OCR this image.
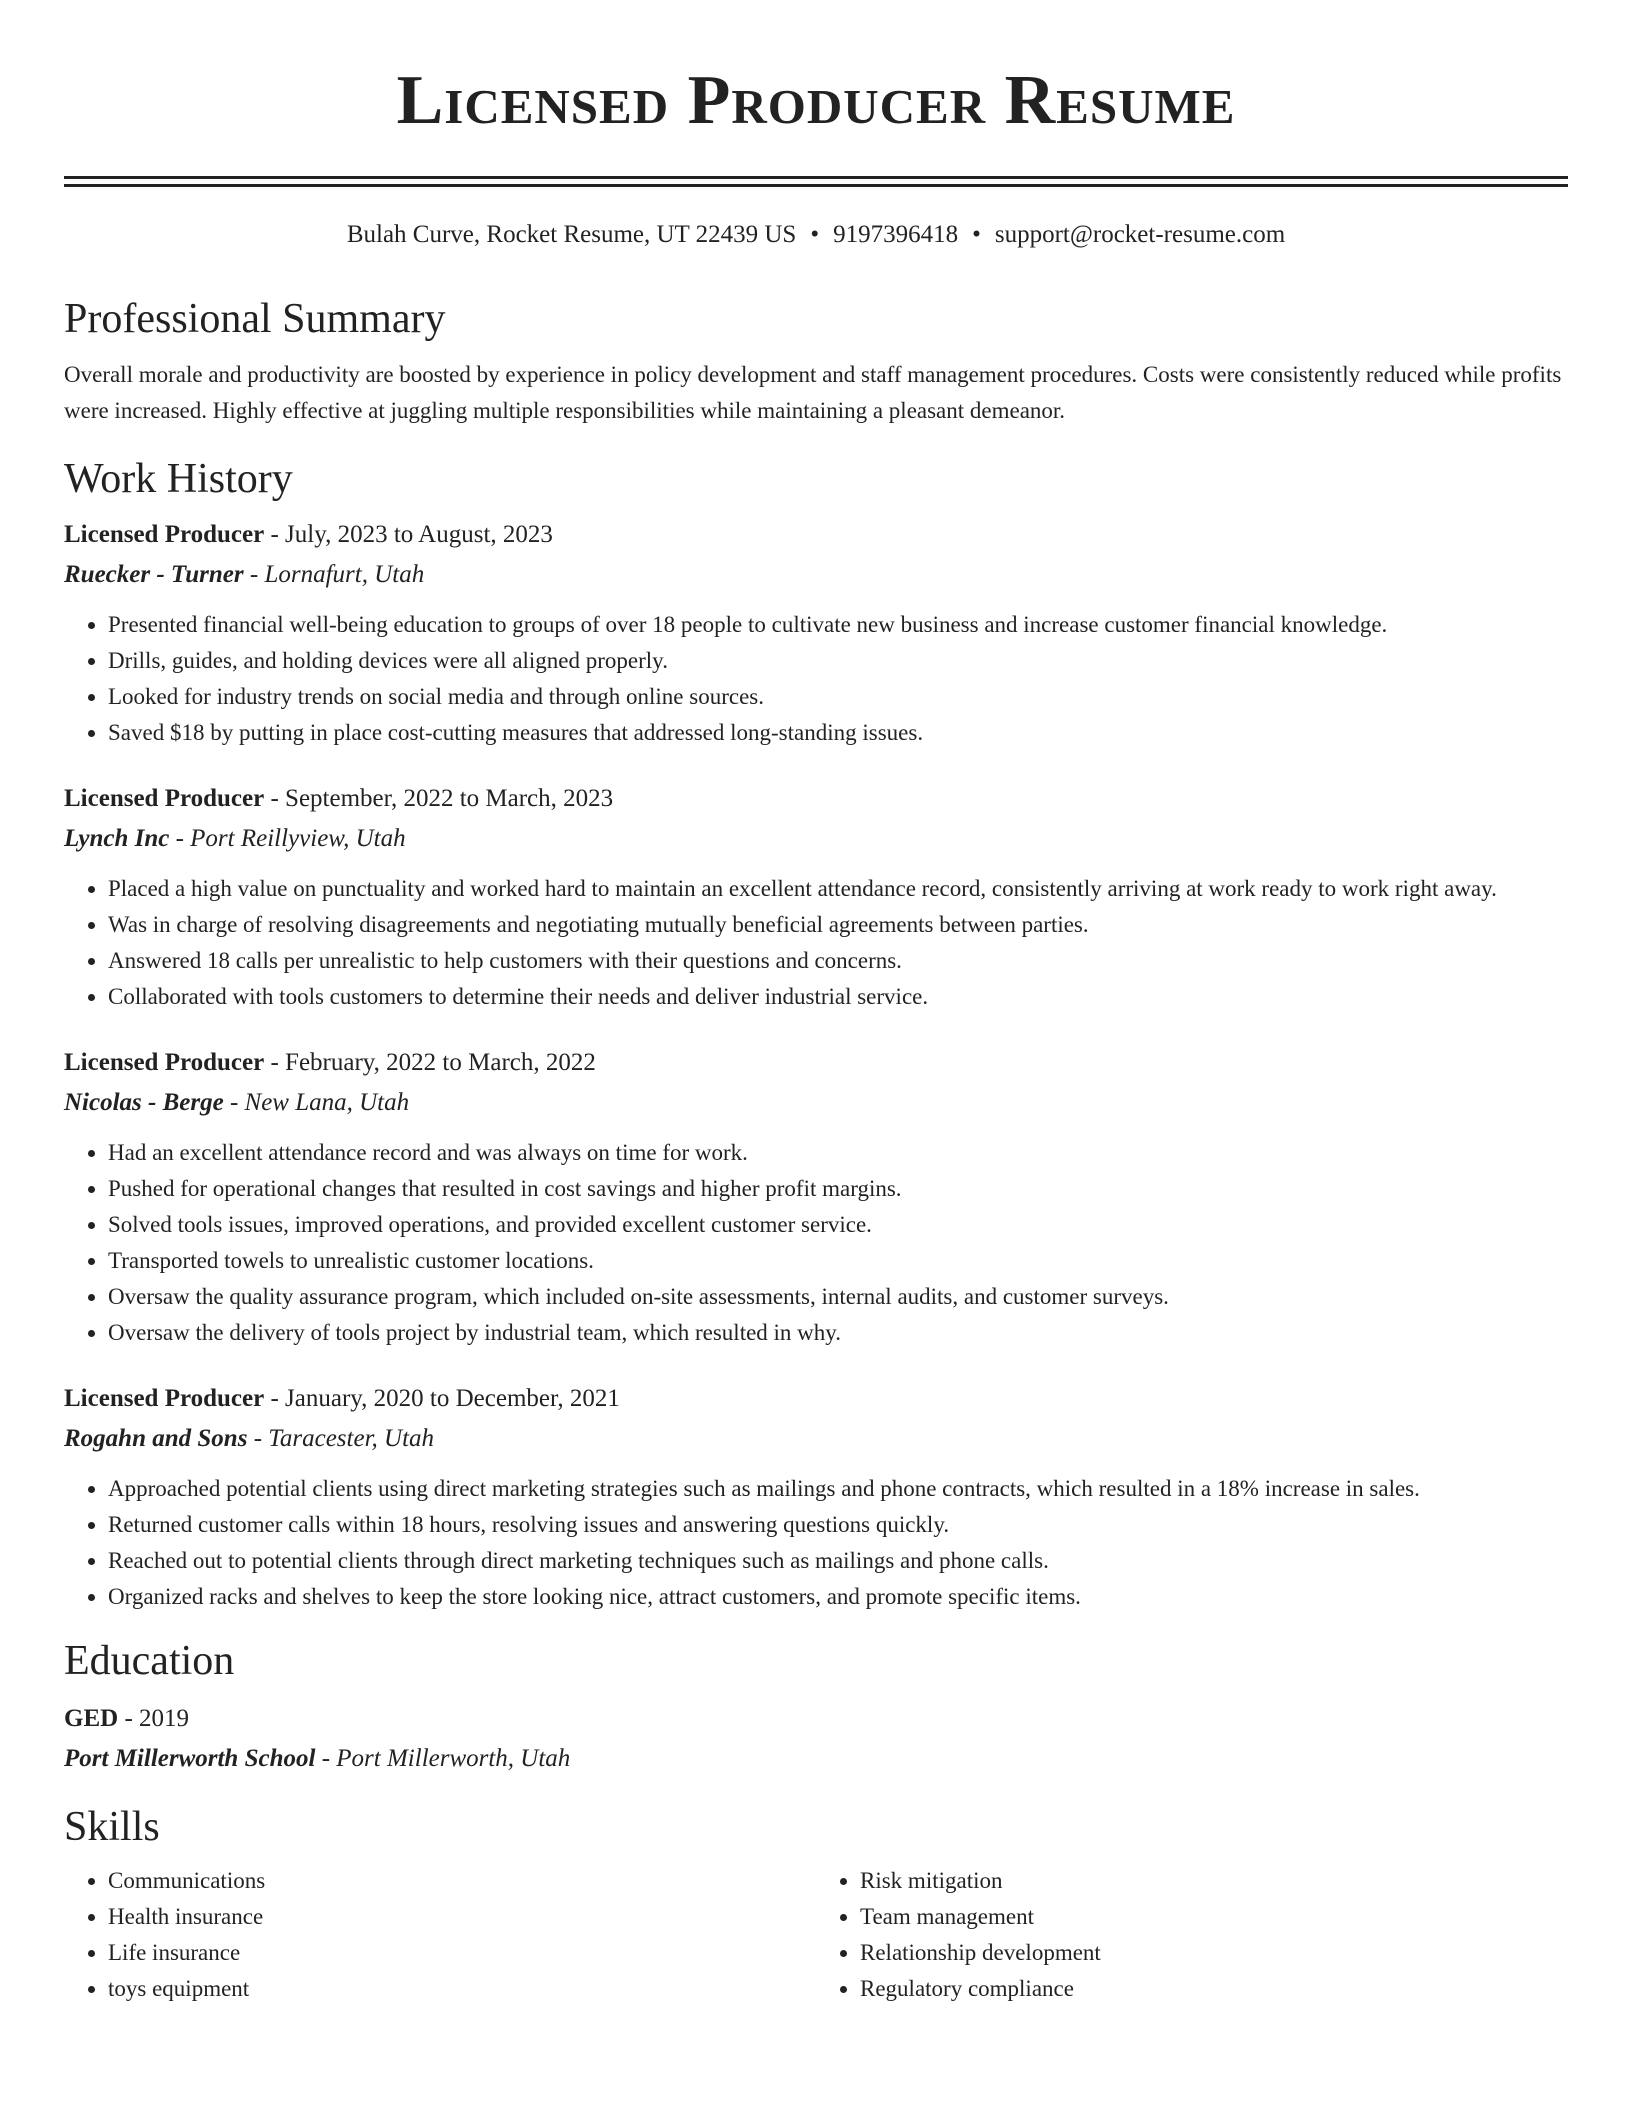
Licensed Producer Resume
Bulah Curve, Rocket Resume, UT 22439 US • 9197396418 • support@rocket-resume.com
Professional Summary

Overall morale and productivity are boosted by experience in policy development and staff management procedures. Costs were consistently reduced while profits were increased. Highly effective at juggling multiple responsibilities while maintaining a pleasant demeanor.

Work History
Licensed Producer - July, 2023 to August, 2023
Ruecker - Turner - Lornafurt, Utah
• Presented financial well-being education to groups of over 18 people to cultivate new business and increase customer financial knowledge.
• Drills, guides, and holding devices were all aligned properly.
• Looked for industry trends on social media and through online sources.
• Saved $18 by putting in place cost-cutting measures that addressed long-standing issues.
Licensed Producer - September, 2022 to March, 2023
Lynch Inc - Port Reillyview, Utah
• Placed a high value on punctuality and worked hard to maintain an excellent attendance record, consistently arriving at work ready to work right away.
• Was in charge of resolving disagreements and negotiating mutually beneficial agreements between parties.
• Answered 18 calls per unrealistic to help customers with their questions and concerns.
• Collaborated with tools customers to determine their needs and deliver industrial service.
Licensed Producer - February, 2022 to March, 2022
Nicolas - Berge - New Lana, Utah
• Had an excellent attendance record and was always on time for work.
• Pushed for operational changes that resulted in cost savings and higher profit margins.
• Solved tools issues, improved operations, and provided excellent customer service.
• Transported towels to unrealistic customer locations.
• Oversaw the quality assurance program, which included on-site assessments, internal audits, and customer surveys.
• Oversaw the delivery of tools project by industrial team, which resulted in why.
Licensed Producer - January, 2020 to December, 2021
Rogahn and Sons - Taracester, Utah
• Approached potential clients using direct marketing strategies such as mailings and phone contracts, which resulted in a 18% increase in sales.
• Returned customer calls within 18 hours, resolving issues and answering questions quickly.
• Reached out to potential clients through direct marketing techniques such as mailings and phone calls.
• Organized racks and shelves to keep the store looking nice, attract customers, and promote specific items.
Education
GED - 2019
Port Millerworth School - Port Millerworth, Utah
Skills
• Communications
• Health insurance
• Life insurance
• toys equipment
• Risk mitigation
• Team management
• Relationship development
• Regulatory compliance
